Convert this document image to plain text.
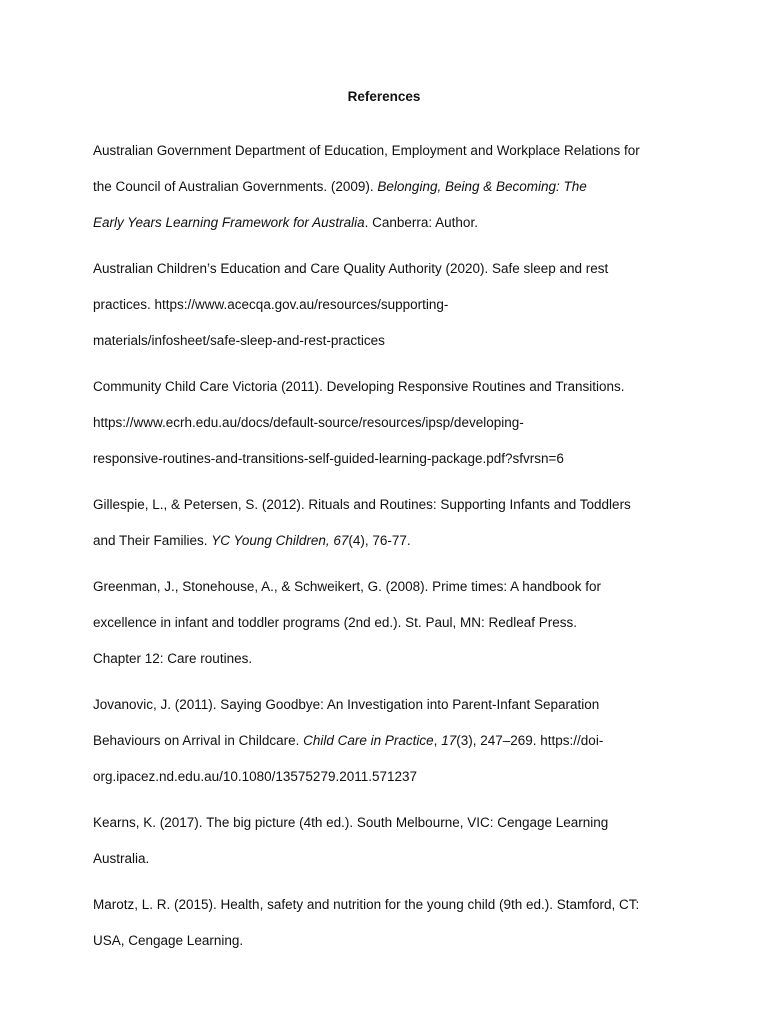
References

Australian Government Department of Education, Employment and Workplace Relations for
the Council of Australian Governments. (2009). Belonging, Being & Becoming: The
Early Years Learning Framework for Australia. Canberra: Author.

Australian Children’s Education and Care Quality Authority (2020). Safe sleep and rest
practices. https://www.acecqa.gov.au/resources/supporting-
materials/infosheet/safe-sleep-and-rest-practices

Community Child Care Victoria (2011). Developing Responsive Routines and Transitions.
https://www.ecrh.edu.au/docs/default-source/resources/ipsp/developing-
responsive-routines-and-transitions-self-guided-learning-package.pdf?sfvrsn=6

Gillespie, L., & Petersen, S. (2012). Rituals and Routines: Supporting Infants and Toddlers
and Their Families. YC Young Children, 67(4), 76-77.

Greenman, J., Stonehouse, A., & Schweikert, G. (2008). Prime times: A handbook for
excellence in infant and toddler programs (2nd ed.). St. Paul, MN: Redleaf Press.
Chapter 12: Care routines.

Jovanovic, J. (2011). Saying Goodbye: An Investigation into Parent-Infant Separation
Behaviours on Arrival in Childcare. Child Care in Practice, 17(3), 247–269. https://doi-
org.ipacez.nd.edu.au/10.1080/13575279.2011.571237

Kearns, K. (2017). The big picture (4th ed.). South Melbourne, VIC: Cengage Learning
Australia.

Marotz, L. R. (2015). Health, safety and nutrition for the young child (9th ed.). Stamford, CT:
USA, Cengage Learning.
